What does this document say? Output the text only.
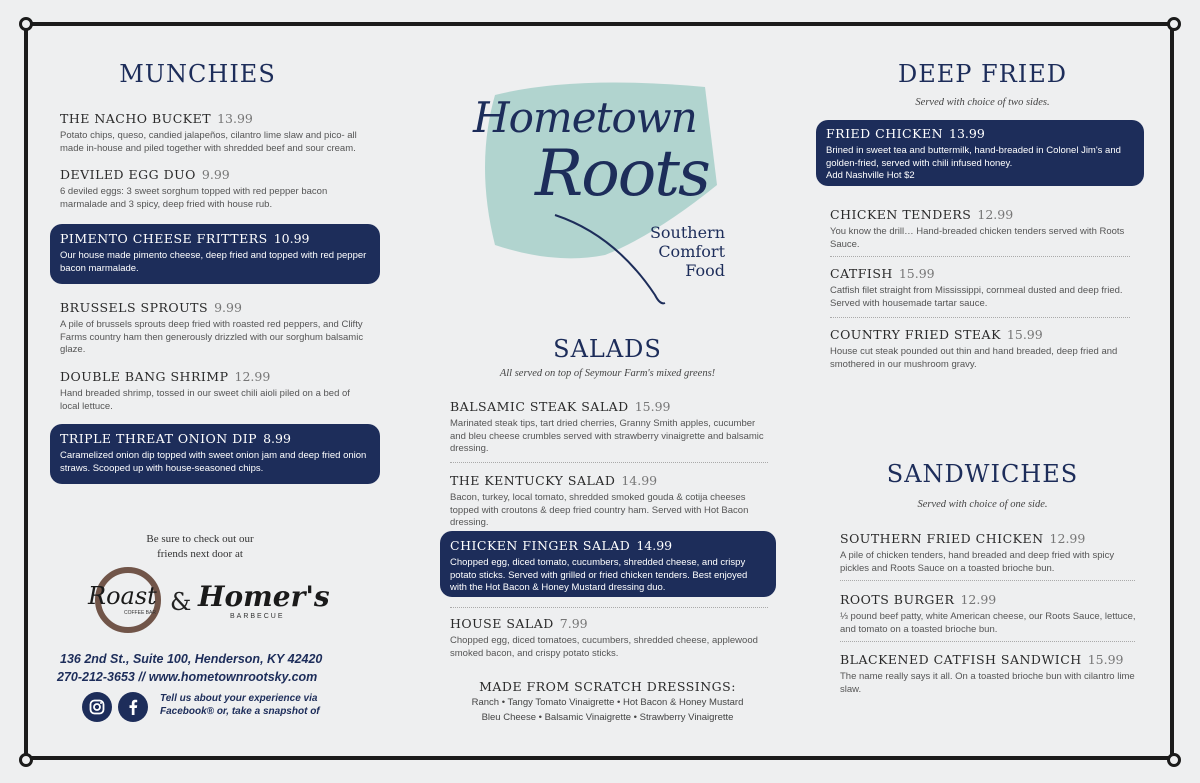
MUNCHIES
THE NACHO BUCKET 13.99
Potato chips, queso, candied jalapeños, cilantro lime slaw and pico- all made in-house and piled together with shredded beef and sour cream.
DEVILED EGG DUO 9.99
6 deviled eggs: 3 sweet sorghum topped with red pepper bacon marmalade and 3 spicy, deep fried with house rub.
PIMENTO CHEESE FRITTERS 10.99
Our house made pimento cheese, deep fried and topped with red pepper bacon marmalade.
BRUSSELS SPROUTS 9.99
A pile of brussels sprouts deep fried with roasted red peppers, and Clifty Farms country ham then generously drizzled with our sorghum balsamic glaze.
DOUBLE BANG SHRIMP 12.99
Hand breaded shrimp, tossed in our sweet chili aioli piled on a bed of local lettuce.
TRIPLE THREAT ONION DIP 8.99
Caramelized onion dip topped with sweet onion jam and deep fried onion straws. Scooped up with house-seasoned chips.
Be sure to check out our
friends next door at
Roast
COFFEE BAR & Homer's
BARBECUE
136 2nd St., Suite 100, Henderson, KY 42420
270-212-3653 // www.hometownrootsky.com
Tell us about your experience via
Facebook® or, take a snapshot of
Hometown
Roots
Southern
Comfort
Food
SALADS
All served on top of Seymour Farm's mixed greens!
BALSAMIC STEAK SALAD 15.99
Marinated steak tips, tart dried cherries, Granny Smith apples, cucumber and bleu cheese crumbles served with strawberry vinaigrette and balsamic dressing.
THE KENTUCKY SALAD 14.99
Bacon, turkey, local tomato, shredded smoked gouda & cotija cheeses topped with croutons & deep fried country ham. Served with Hot Bacon dressing.
CHICKEN FINGER SALAD 14.99
Chopped egg, diced tomato, cucumbers, shredded cheese, and crispy potato sticks. Served with grilled or fried chicken tenders. Best enjoyed with the Hot Bacon & Honey Mustard dressing duo.
HOUSE SALAD 7.99
Chopped egg, diced tomatoes, cucumbers, shredded cheese, applewood smoked bacon, and crispy potato sticks.
MADE FROM SCRATCH DRESSINGS:
Ranch • Tangy Tomato Vinaigrette • Hot Bacon & Honey Mustard
Bleu Cheese • Balsamic Vinaigrette • Strawberry Vinaigrette
DEEP FRIED
Served with choice of two sides.
FRIED CHICKEN 13.99
Brined in sweet tea and buttermilk, hand-breaded in Colonel Jim's and golden-fried, served with chili infused honey.
Add Nashville Hot $2
CHICKEN TENDERS 12.99
You know the drill… Hand-breaded chicken tenders served with Roots Sauce.
CATFISH 15.99
Catfish filet straight from Mississippi, cornmeal dusted and deep fried. Served with housemade tartar sauce.
COUNTRY FRIED STEAK 15.99
House cut steak pounded out thin and hand breaded, deep fried and smothered in our mushroom gravy.
SANDWICHES
Served with choice of one side.
SOUTHERN FRIED CHICKEN 12.99
A pile of chicken tenders, hand breaded and deep fried with spicy pickles and Roots Sauce on a toasted brioche bun.
ROOTS BURGER 12.99
⅓ pound beef patty, white American cheese, our Roots Sauce, lettuce, and tomato on a toasted brioche bun.
BLACKENED CATFISH SANDWICH 15.99
The name really says it all. On a toasted brioche bun with cilantro lime slaw.
